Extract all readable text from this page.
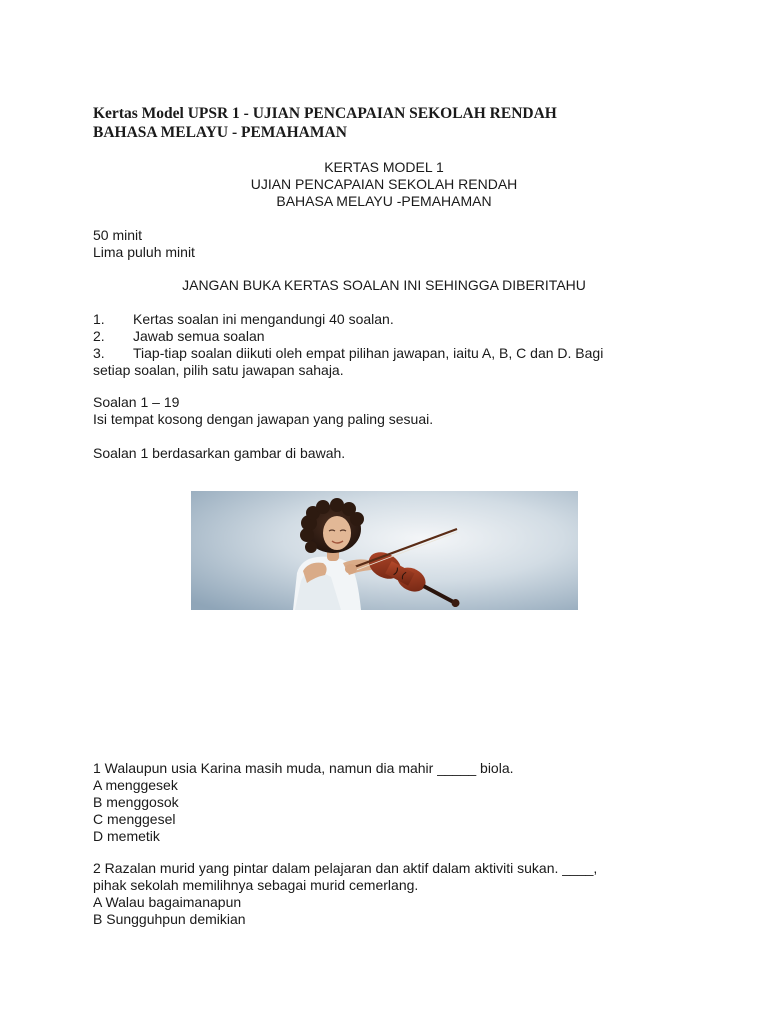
Kertas Model UPSR 1 - UJIAN PENCAPAIAN SEKOLAH RENDAH
BAHASA MELAYU - PEMAHAMAN
KERTAS MODEL 1
UJIAN PENCAPAIAN SEKOLAH RENDAH
BAHASA MELAYU -PEMAHAMAN
50 minit
Lima puluh minit
JANGAN BUKA KERTAS SOALAN INI SEHINGGA DIBERITAHU
1. Kertas soalan ini mengandungi 40 soalan.
2. Jawab semua soalan
3. Tiap-tiap soalan diikuti oleh empat pilihan jawapan, iaitu A, B, C dan D. Bagi
setiap soalan, pilih satu jawapan sahaja.
Soalan 1 – 19
Isi tempat kosong dengan jawapan yang paling sesuai.
Soalan 1 berdasarkan gambar di bawah.
1 Walaupun usia Karina masih muda, namun dia mahir _____ biola.
A menggesek
B menggosok
C menggesel
D memetik
2 Razalan murid yang pintar dalam pelajaran dan aktif dalam aktiviti sukan. ____,
pihak sekolah memilihnya sebagai murid cemerlang.
A Walau bagaimanapun
B Sungguhpun demikian
